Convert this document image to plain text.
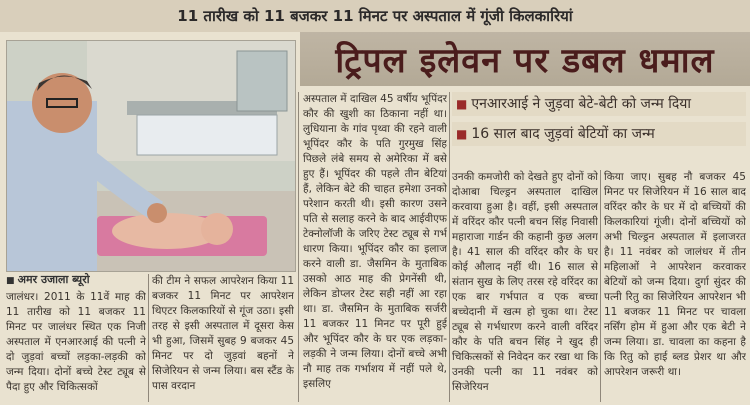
11 तारीख को 11 बजकर 11 मिनट पर अस्पताल में गूंजी किलकारियां
ट्रिपल इलेवन पर डबल धमाल
■ अमर उजाला ब्यूरो

जालंधर। 2011 के 11वें माह की 11 तारीख को 11 बजकर 11 मिनट पर जालंधर स्थित एक निजी अस्पताल में एनआरआई की पत्नी ने दो जुड़वां बच्चों लड़का-लड़की को जन्म दिया। दोनों बच्चे टेस्ट ट्यूब से पैदा हुए और चिकित्सकों

की टीम ने सफल आपरेशन किया 11 बजकर 11 मिनट पर आपरेशन थिएटर किलकारियों से गूंज उठा। इसी तरह से इसी अस्पताल में दूसरा केस भी हुआ, जिसमें सुबह 9 बजकर 45 मिनट पर दो जुड़वां बहनों ने सिजेरियन से जन्म लिया। बस स्टैंड के पास वरदान

अस्पताल में दाखिल 45 वर्षीय भूपिंदर कौर की खुशी का ठिकाना नहीं था। लुधियाना के गांव पृथ्वा की रहने वाली भूपिंदर कौर के पति गुरमुख सिंह पिछले लंबे समय से अमेरिका में बसे हुए हैं। भूपिंदर की पहले तीन बेटियां हैं, लेकिन बेटे की चाहत हमेशा उनको परेशान करती थी। इसी कारण उसने पति से सलाह करने के बाद आईवीएफ टेक्नोलॉजी के जरिए टेस्ट ट्यूब से गर्भ धारण किया। भूपिंदर कौर का इलाज करने वाली डा. जैसमिन के मुताबिक उसको आठ माह की प्रेगनेंसी थी, लेकिन डोप्लर टेस्ट सही नहीं आ रहा था। डा. जैसमिन के मुताबिक सर्जरी 11 बजकर 11 मिनट पर पूरी हुई और भूपिंदर कौर के घर एक लड़का-लड़की ने जन्म लिया। दोनों बच्चे अभी नौ माह तक गर्भाशय में नहीं पले थे, इसलिए

■ एनआरआई ने जुड़वा बेटे-बेटी को जन्म दिया
■ 16 साल बाद जुड़वां बेटियों का जन्म

उनकी कमजोरी को देखते हुए दोनों को दोआबा चिल्ड्रन अस्पताल दाखिल करवाया हुआ है। वहीं, इसी अस्पताल में वरिंदर कौर पत्नी बचन सिंह निवासी महाराजा गार्डन की कहानी कुछ अलग है। 41 साल की वरिंदर कौर के घर कोई औलाद नहीं थी। 16 साल से संतान सुख के लिए तरस रहे वरिंदर का एक बार गर्भपात व एक बच्चा बच्चेदानी में खत्म हो चुका था। टेस्ट ट्यूब से गर्भधारण करने वाली वरिंदर कौर के पति बचन सिंह ने खुद ही चिकित्सकों से निवेदन कर रखा था कि उनकी पत्नी का 11 नवंबर को सिजेरियन

किया जाए। सुबह नौ बजकर 45 मिनट पर सिजेरियन में 16 साल बाद वरिंदर कौर के घर में दो बच्चियों की किलकारियां गूंजी। दोनों बच्चियों को अभी चिल्ड्रन अस्पताल में इलाजरत है। 11 नवंबर को जालंधर में तीन महिलाओं ने आपरेशन करवाकर बेटियों को जन्म दिया। दुर्गा सुंदर की पत्नी रितु का सिजेरियन आपरेशन भी 11 बजकर 11 मिनट पर चावला नर्सिंग होम में हुआ और एक बेटी ने जन्म लिया। डा. चावला का कहना है कि रितु को हाई ब्लड प्रेशर था और आपरेशन जरूरी था।
